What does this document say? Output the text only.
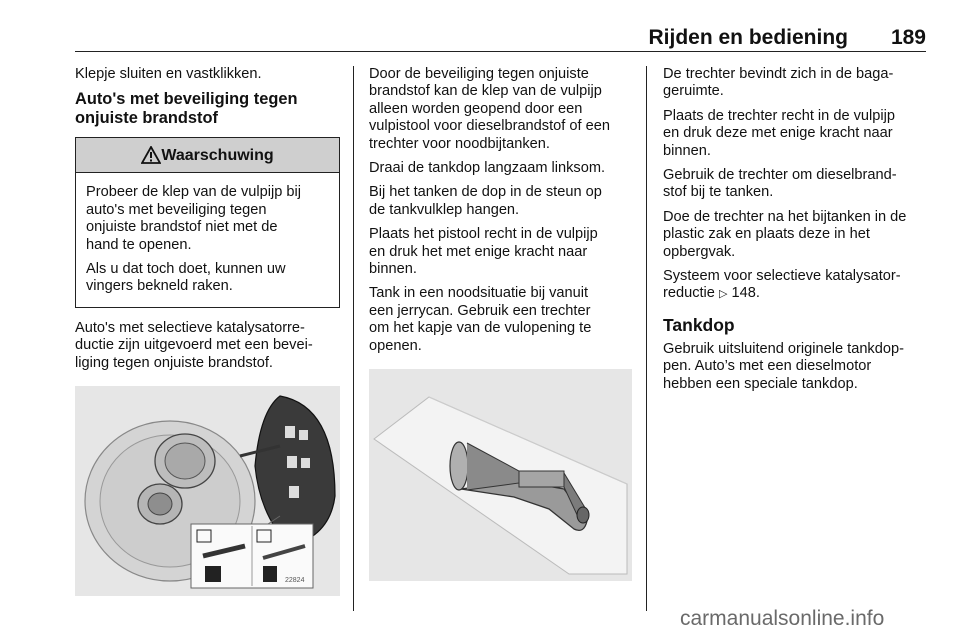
Rijden en bediening 189

Klepje sluiten en vastklikken.

Auto's met beveiliging tegen
onjuiste brandstof
Waarschuwing

Probeer de klep van de vulpijp bij
auto's met beveiliging tegen
onjuiste brandstof niet met de
hand te openen.

Als u dat toch doet, kunnen uw
vingers bekneld raken.

Auto's met selectieve katalysatorre-
ductie zijn uitgevoerd met een bevei-
liging tegen onjuiste brandstof.

22824

Door de beveiliging tegen onjuiste
brandstof kan de klep van de vulpijp
alleen worden geopend door een
vulpistool voor dieselbrandstof of een
trechter voor noodbijtanken.

Draai de tankdop langzaam linksom.

Bij het tanken de dop in de steun op
de tankvulklep hangen.

Plaats het pistool recht in de vulpijp
en druk het met enige kracht naar
binnen.

Tank in een noodsituatie bij vanuit
een jerrycan. Gebruik een trechter
om het kapje van de vulopening te
openen.

De trechter bevindt zich in de baga-
geruimte.

Plaats de trechter recht in de vulpijp
en druk deze met enige kracht naar
binnen.

Gebruik de trechter om dieselbrand-
stof bij te tanken.

Doe de trechter na het bijtanken in de
plastic zak en plaats deze in het
opbergvak.

Systeem voor selectieve katalysator-
reductie ▷ 148.

Tankdop

Gebruik uitsluitend originele tankdop-
pen. Auto’s met een dieselmotor
hebben een speciale tankdop.

carmanualsonline.info
